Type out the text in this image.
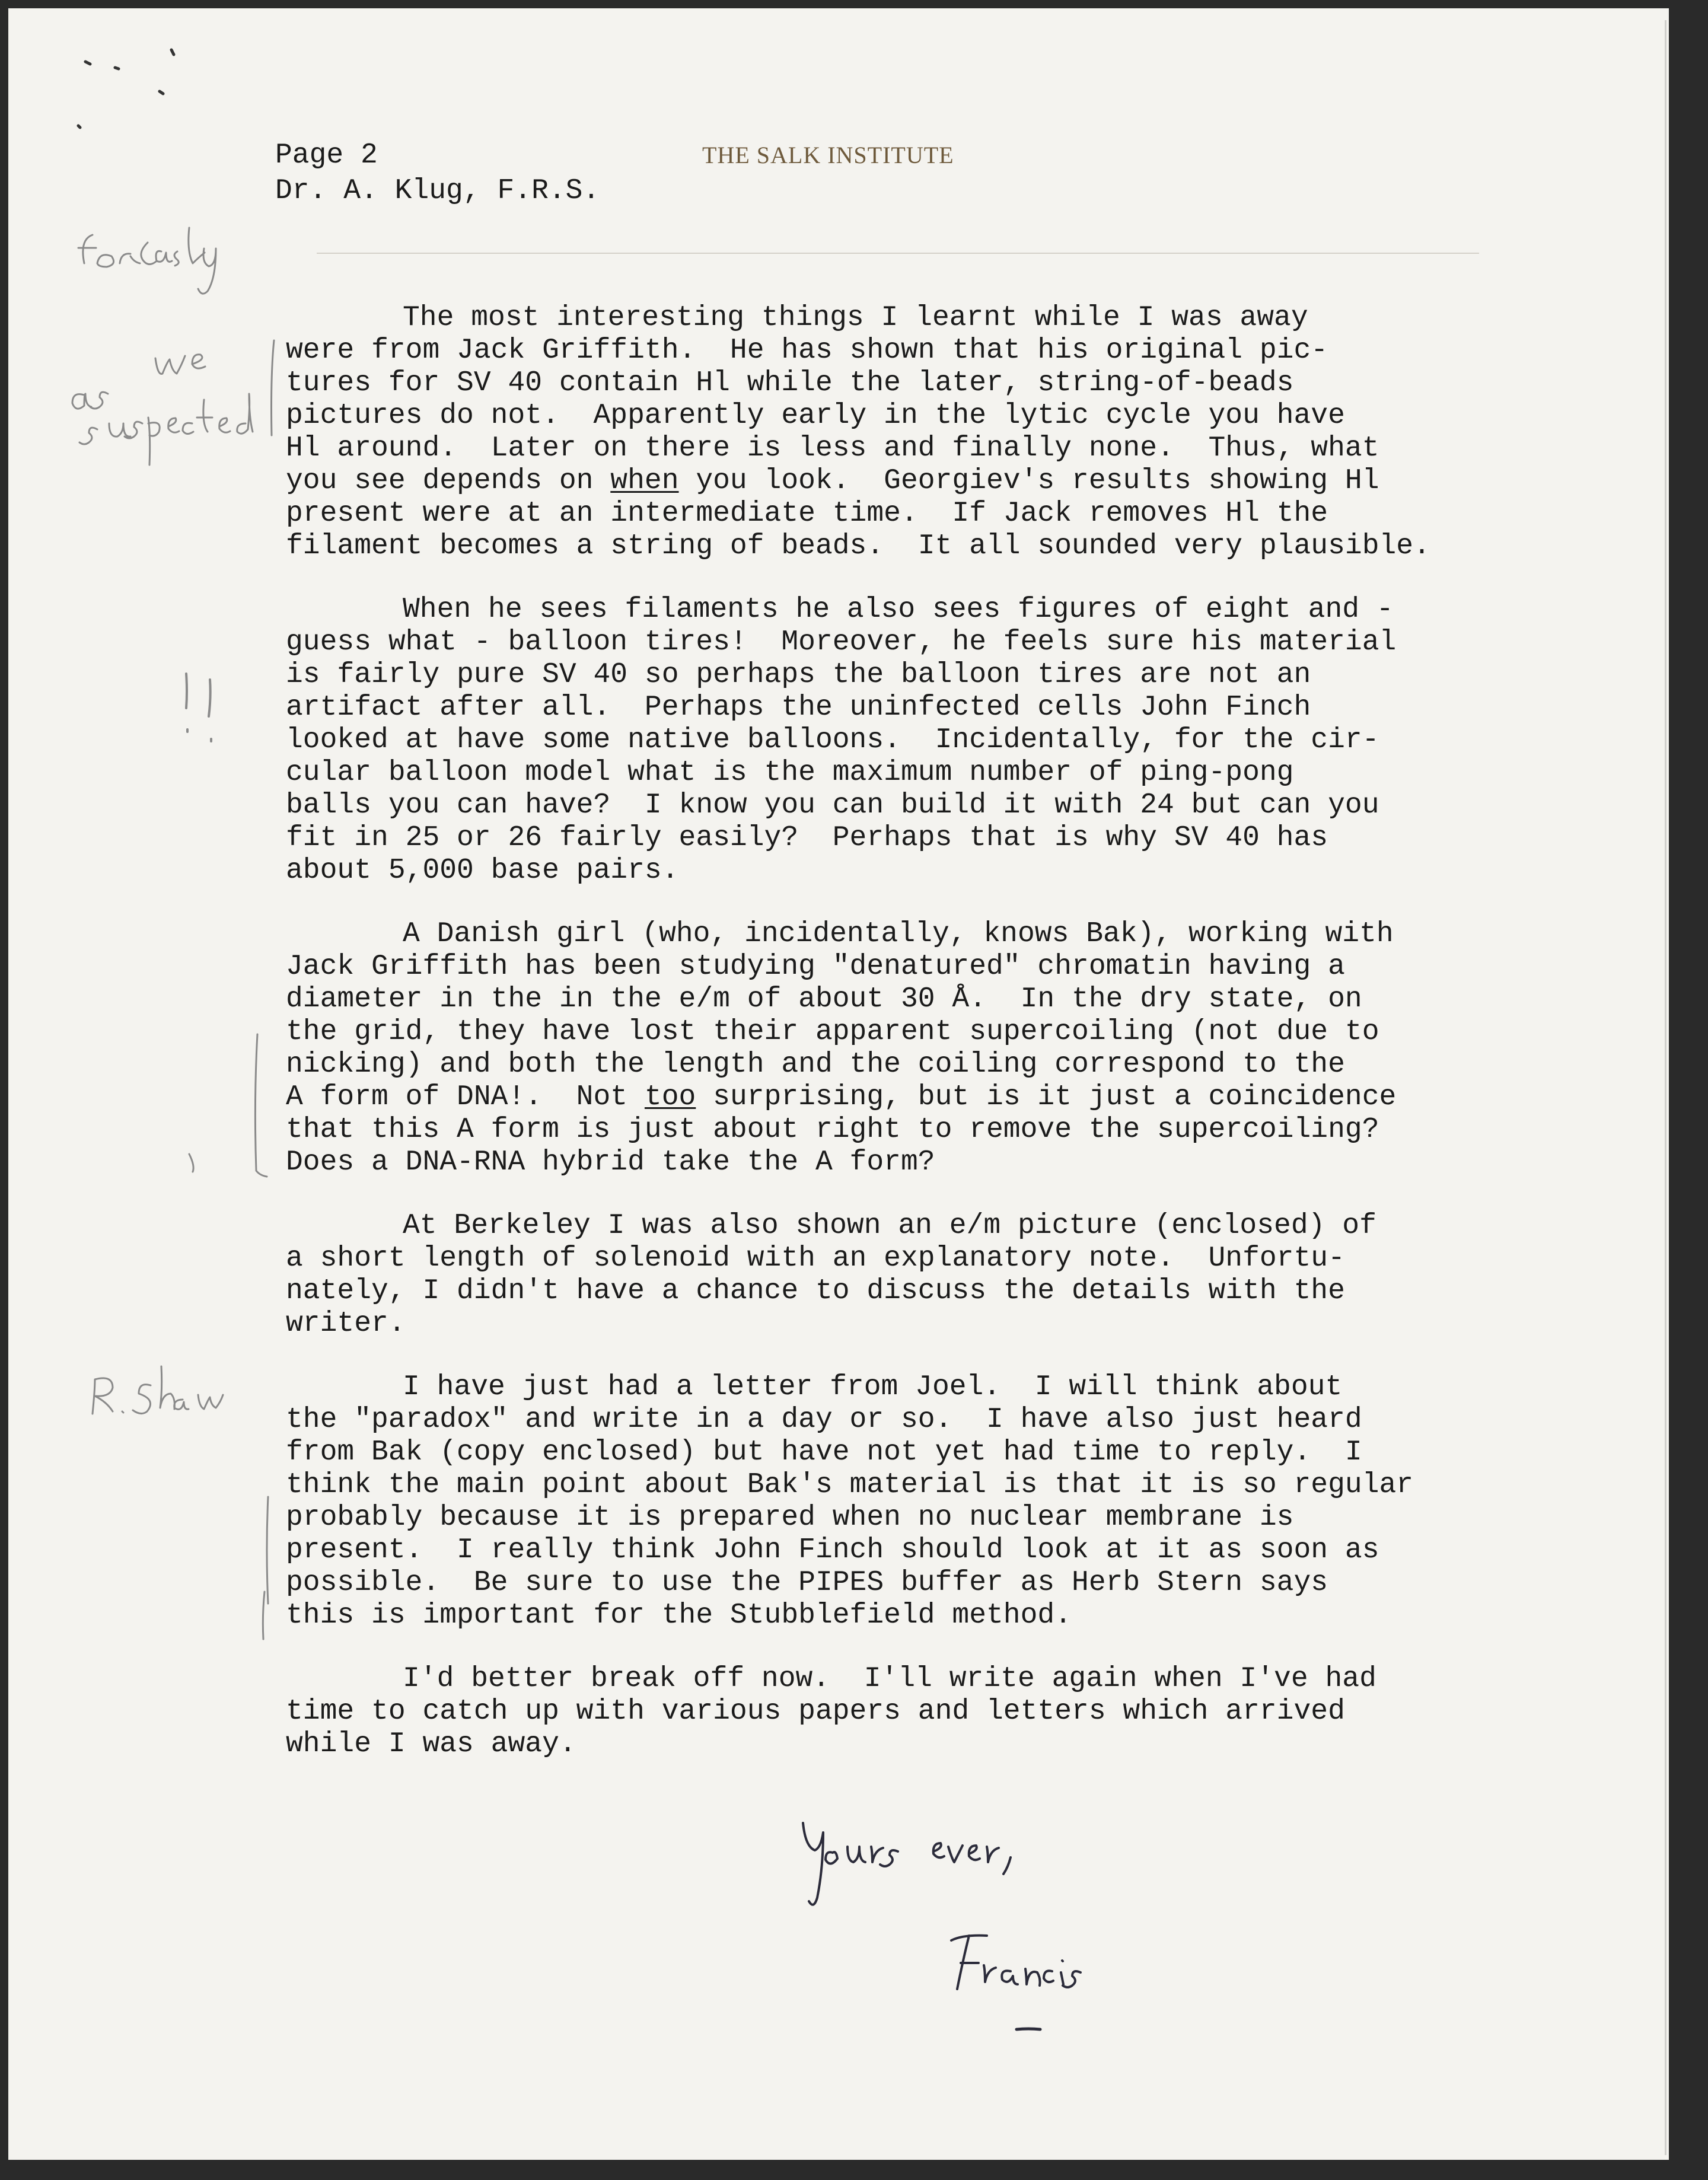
Page 2
Dr. A. Klug, F.R.S.
THE SALK INSTITUTE

The most interesting things I learnt while I was away
were from Jack Griffith.  He has shown that his original pic-
tures for SV 40 contain Hl while the later, string-of-beads
pictures do not.  Apparently early in the lytic cycle you have
Hl around.  Later on there is less and finally none.  Thus, what
you see depends on when you look.  Georgiev's results showing Hl
present were at an intermediate time.  If Jack removes Hl the
filament becomes a string of beads.  It all sounded very plausible.

When he sees filaments he also sees figures of eight and -
guess what - balloon tires!  Moreover, he feels sure his material
is fairly pure SV 40 so perhaps the balloon tires are not an
artifact after all.  Perhaps the uninfected cells John Finch
looked at have some native balloons.  Incidentally, for the cir-
cular balloon model what is the maximum number of ping-pong
balls you can have?  I know you can build it with 24 but can you
fit in 25 or 26 fairly easily?  Perhaps that is why SV 40 has
about 5,000 base pairs.

A Danish girl (who, incidentally, knows Bak), working with
Jack Griffith has been studying "denatured" chromatin having a
diameter in the in the e/m of about 30 Å.  In the dry state, on
the grid, they have lost their apparent supercoiling (not due to
nicking) and both the length and the coiling correspond to the
A form of DNA!.  Not too surprising, but is it just a coincidence
that this A form is just about right to remove the supercoiling?
Does a DNA-RNA hybrid take the A form?

At Berkeley I was also shown an e/m picture (enclosed) of
a short length of solenoid with an explanatory note.  Unfortu-
nately, I didn't have a chance to discuss the details with the
writer.

I have just had a letter from Joel.  I will think about
the "paradox" and write in a day or so.  I have also just heard
from Bak (copy enclosed) but have not yet had time to reply.  I
think the main point about Bak's material is that it is so regular
probably because it is prepared when no nuclear membrane is
present.  I really think John Finch should look at it as soon as
possible.  Be sure to use the PIPES buffer as Herb Stern says
this is important for the Stubblefield method.

I'd better break off now.  I'll write again when I've had
time to catch up with various papers and letters which arrived
while I was away.
